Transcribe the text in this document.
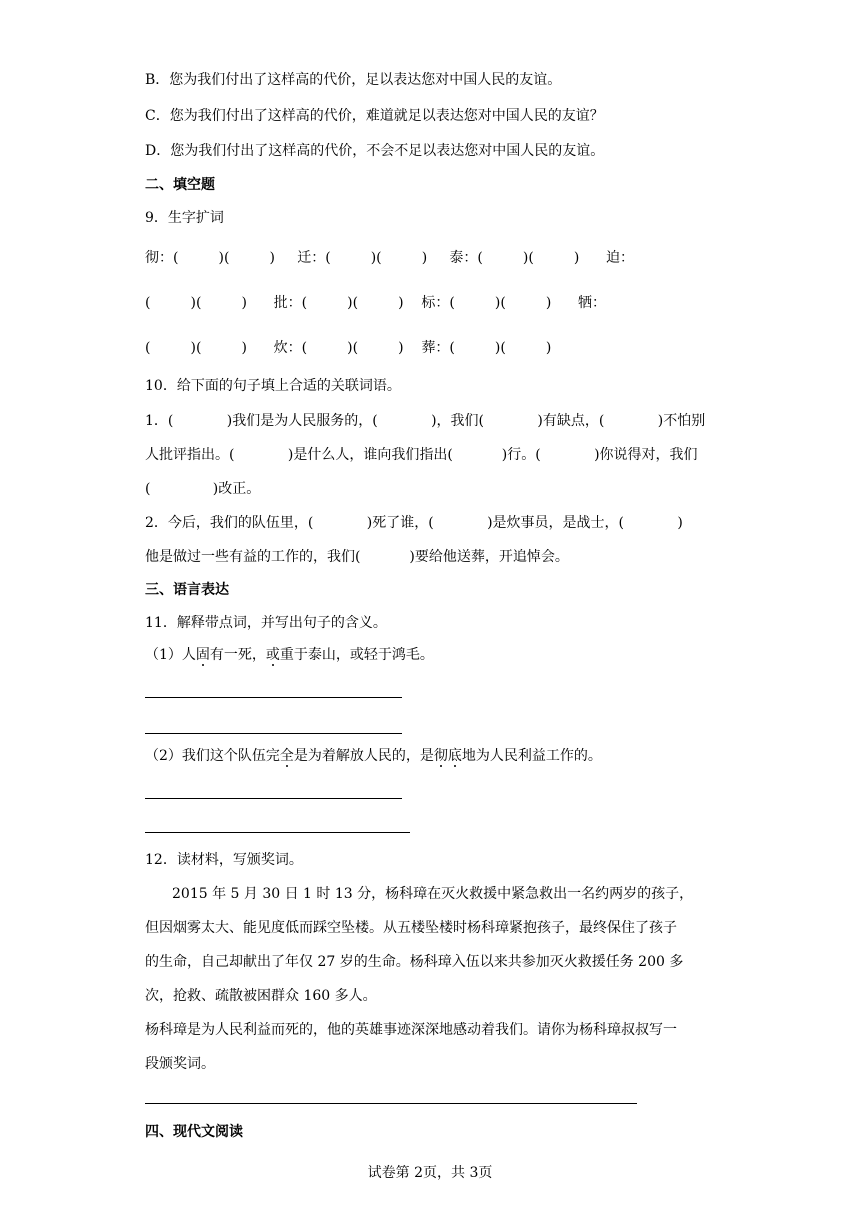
B．您为我们付出了这样高的代价，足以表达您对中国人民的友谊。
C．您为我们付出了这样高的代价，难道就足以表达您对中国人民的友谊？
D．您为我们付出了这样高的代价，不会不足以表达您对中国人民的友谊。
二、填空题
9．生字扩词
彻：(         )(         )     迁：(         )(         )     泰：(         )(         )      迫：
(         )(         )      批：(         )(         )    标：(         )(         )      牺：
(         )(         )      炊：(         )(         )    葬：(         )(         )
10．给下面的句子填上合适的关联词语。
1．(            )我们是为人民服务的，(            )，我们(            )有缺点，(            )不怕别
人批评指出。(            )是什么人，谁向我们指出(           )行。(            )你说得对，我们
(              )改正。
2．今后，我们的队伍里，(            )死了谁，(            )是炊事员，是战士，(            )
他是做过一些有益的工作的，我们(           )要给他送葬，开追悼会。
三、语言表达
11．解释带点词，并写出句子的含义。
（1）人固有一死，或重于泰山，或轻于鸿毛。
（2）我们这个队伍完全是为着解放人民的，是彻底地为人民利益工作的。
12．读材料，写颁奖词。
2015 年 5 月 30 日 1 时 13 分，杨科璋在灭火救援中紧急救出一名约两岁的孩子，
但因烟雾太大、能见度低而踩空坠楼。从五楼坠楼时杨科璋紧抱孩子，最终保住了孩子
的生命，自己却献出了年仅 27 岁的生命。杨科璋入伍以来共参加灭火救援任务 200 多
次，抢救、疏散被困群众 160 多人。
杨科璋是为人民利益而死的，他的英雄事迹深深地感动着我们。请你为杨科璋叔叔写一
段颁奖词。
四、现代文阅读
试卷第 2页，共 3页
